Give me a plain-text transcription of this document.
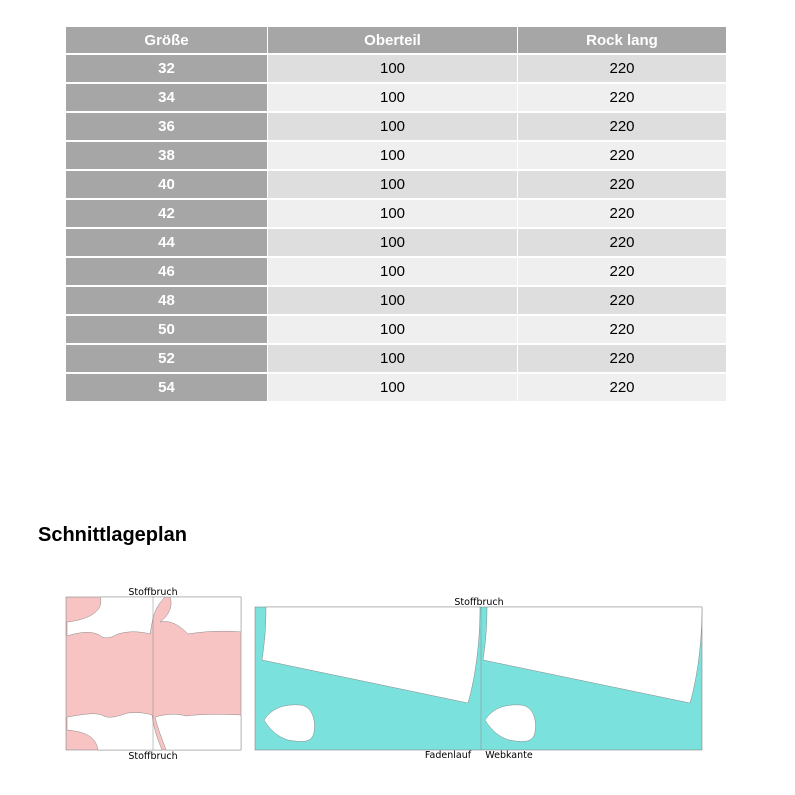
Größe	Oberteil	Rock lang
32	100	220
34	100	220
36	100	220
38	100	220
40	100	220
42	100	220
44	100	220
46	100	220
48	100	220
50	100	220
52	100	220
54	100	220
Schnittlageplan
Stoffbruch
Stoffbruch
Stoffbruch
Fadenlauf Webkante
